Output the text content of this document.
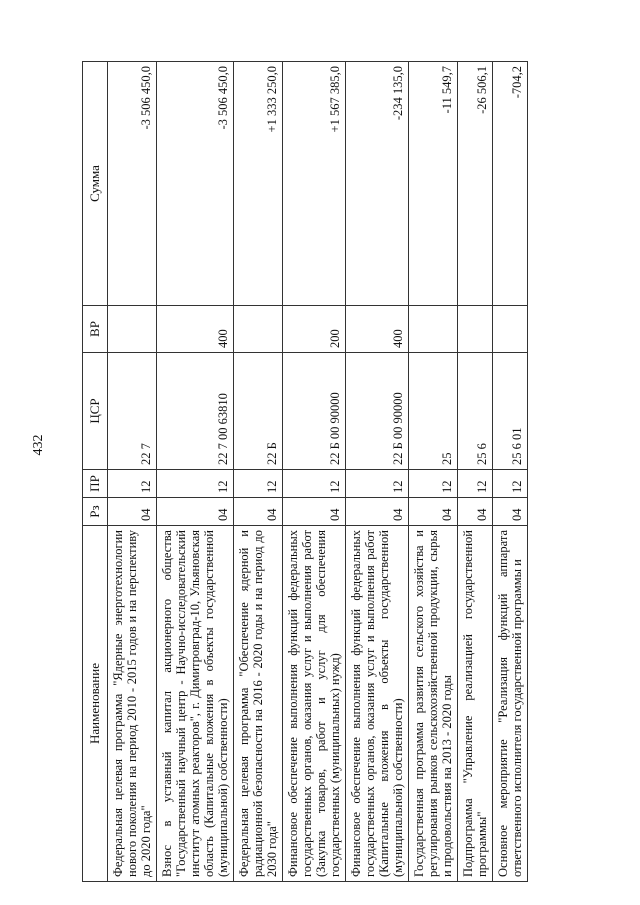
432
Наименование	Рз	ПР	ЦСР	ВР	Сумма
Федеральная целевая программа "Ядерные энерготехнологии нового поколения на период 2010 - 2015 годов и на перспективу до 2020 года"	04	12	22 7		-3 506 450,0
Взнос в уставный капитал акционерного общества "Государственный научный центр - Научно-исследовательский институт атомных реакторов", г. Димитровград-10, Ульяновская область (Капитальные вложения в объекты государственной (муниципальной) собственности)	04	12	22 7 00 63810	400	-3 506 450,0
Федеральная целевая программа "Обеспечение ядерной и радиационной безопасности на 2016 - 2020 годы и на период до 2030 года"	04	12	22 Б		+1 333 250,0
Финансовое обеспечение выполнения функций федеральных государственных органов, оказания услуг и выполнения работ (Закупка товаров, работ и услуг для обеспечения государственных (муниципальных) нужд)	04	12	22 Б 00 90000	200	+1 567 385,0
Финансовое обеспечение выполнения функций федеральных государственных органов, оказания услуг и выполнения работ (Капитальные вложения в объекты государственной (муниципальной) собственности)	04	12	22 Б 00 90000	400	-234 135,0
Государственная программа развития сельского хозяйства и регулирования рынков сельскохозяйственной продукции, сырья и продовольствия на 2013 - 2020 годы	04	12	25		-11 549,7
Подпрограмма "Управление реализацией государственной программы"	04	12	25 6		-26 506,1
Основное мероприятие "Реализация функций аппарата ответственного исполнителя государственной программы и	04	12	25 6 01		-704,2
